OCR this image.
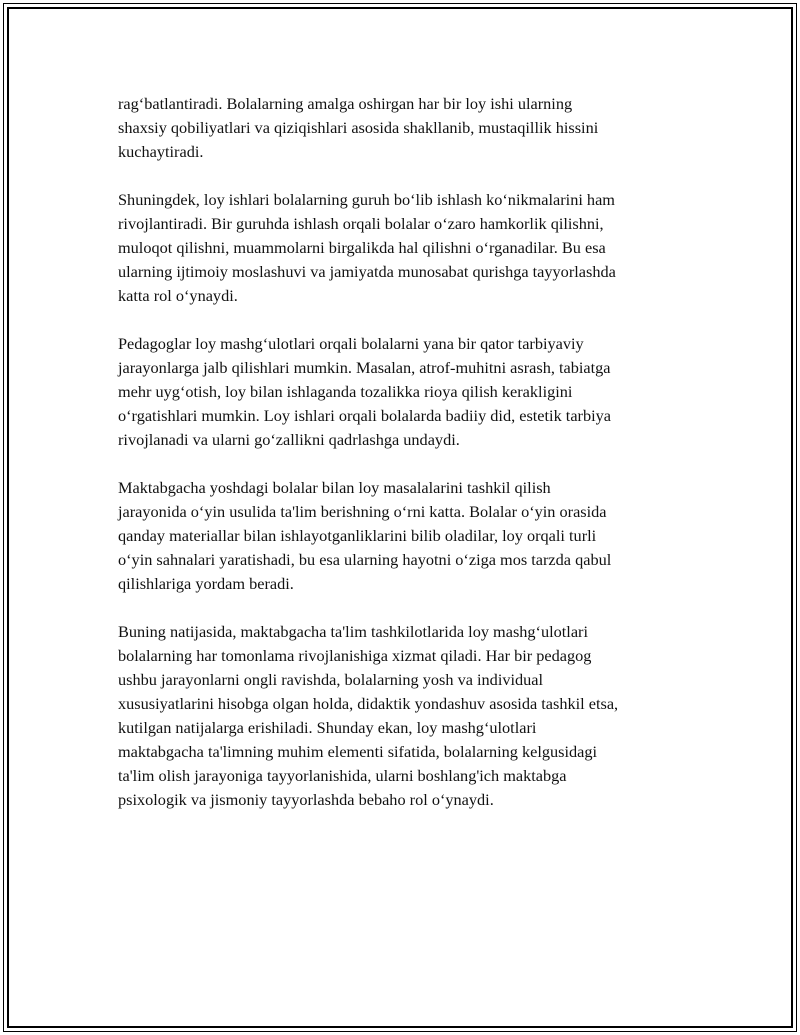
rag‘batlantiradi. Bolalarning amalga oshirgan har bir loy ishi ularning
shaxsiy qobiliyatlari va qiziqishlari asosida shakllanib, mustaqillik hissini
kuchaytiradi.

Shuningdek, loy ishlari bolalarning guruh bo‘lib ishlash ko‘nikmalarini ham
rivojlantiradi. Bir guruhda ishlash orqali bolalar o‘zaro hamkorlik qilishni,
muloqot qilishni, muammolarni birgalikda hal qilishni o‘rganadilar. Bu esa
ularning ijtimoiy moslashuvi va jamiyatda munosabat qurishga tayyorlashda
katta rol o‘ynaydi.

Pedagoglar loy mashg‘ulotlari orqali bolalarni yana bir qator tarbiyaviy
jarayonlarga jalb qilishlari mumkin. Masalan, atrof-muhitni asrash, tabiatga
mehr uyg‘otish, loy bilan ishlaganda tozalikka rioya qilish kerakligini
o‘rgatishlari mumkin. Loy ishlari orqali bolalarda badiiy did, estetik tarbiya
rivojlanadi va ularni go‘zallikni qadrlashga undaydi.

Maktabgacha yoshdagi bolalar bilan loy masalalarini tashkil qilish
jarayonida o‘yin usulida ta'lim berishning o‘rni katta. Bolalar o‘yin orasida
qanday materiallar bilan ishlayotganliklarini bilib oladilar, loy orqali turli
o‘yin sahnalari yaratishadi, bu esa ularning hayotni o‘ziga mos tarzda qabul
qilishlariga yordam beradi.

Buning natijasida, maktabgacha ta'lim tashkilotlarida loy mashg‘ulotlari
bolalarning har tomonlama rivojlanishiga xizmat qiladi. Har bir pedagog
ushbu jarayonlarni ongli ravishda, bolalarning yosh va individual
xususiyatlarini hisobga olgan holda, didaktik yondashuv asosida tashkil etsa,
kutilgan natijalarga erishiladi. Shunday ekan, loy mashg‘ulotlari
maktabgacha ta'limning muhim elementi sifatida, bolalarning kelgusidagi
ta'lim olish jarayoniga tayyorlanishida, ularni boshlang'ich maktabga
psixologik va jismoniy tayyorlashda bebaho rol o‘ynaydi.
